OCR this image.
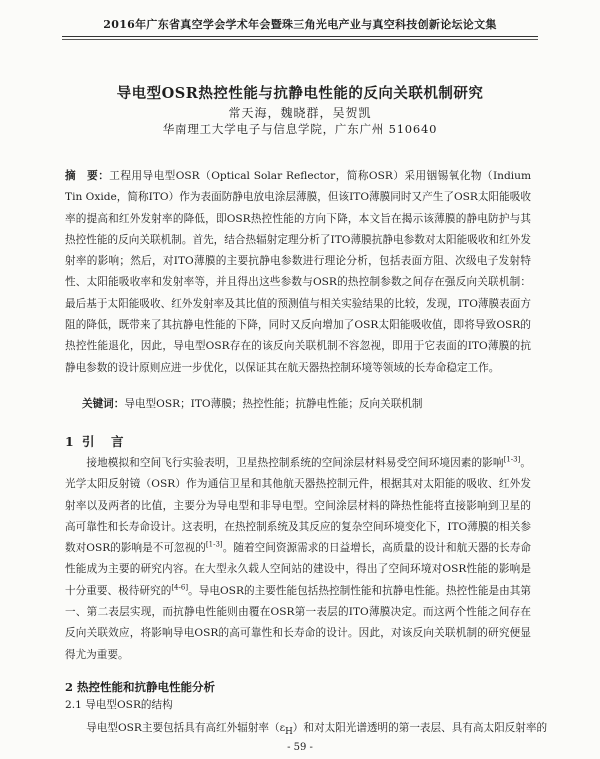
2016年广东省真空学会学术年会暨珠三角光电产业与真空科技创新论坛论文集
导电型OSR热控性能与抗静电性能的反向关联机制研究
常天海，魏晓群，吴贺凯
华南理工大学电子与信息学院，广东广州 510640
摘　要：工程用导电型OSR（Optical Solar Reflector，简称OSR）采用铟锡氧化物（Indium Tin Oxide，简称ITO）作为表面防静电放电涂层薄膜，但该ITO薄膜同时又产生了OSR太阳能吸收率的提高和红外发射率的降低，即OSR热控性能的方向下降，本文旨在揭示该薄膜的静电防护与其热控性能的反向关联机制。首先，结合热辐射定理分析了ITO薄膜抗静电参数对太阳能吸收和红外发射率的影响；然后，对ITO薄膜的主要抗静电参数进行理论分析，包括表面方阻、次级电子发射特性、太阳能吸收率和发射率等，并且得出这些参数与OSR的热控制参数之间存在强反向关联机制：最后基于太阳能吸收、红外发射率及其比值的预测值与相关实验结果的比较，发现，ITO薄膜表面方阻的降低，既带来了其抗静电性能的下降，同时又反向增加了OSR太阳能吸收值，即将导致OSR的热控性能退化，因此，导电型OSR存在的该反向关联机制不容忽视，即用于它表面的ITO薄膜的抗静电参数的设计原则应进一步优化，以保证其在航天器热控制环境等领域的长寿命稳定工作。
关键词：导电型OSR；ITO薄膜；热控性能；抗静电性能；反向关联机制
1 引　言
　　接地模拟和空间飞行实验表明，卫星热控制系统的空间涂层材料易受空间环境因素的影响[1-3]。光学太阳反射镜（OSR）作为通信卫星和其他航天器热控制元件，根据其对太阳能的吸收、红外发射率以及两者的比值，主要分为导电型和非导电型。空间涂层材料的降热性能将直接影响到卫星的高可靠性和长寿命设计。这表明，在热控制系统及其反应的复杂空间环境变化下，ITO薄膜的相关参数对OSR的影响是不可忽视的[1-3]。随着空间资源需求的日益增长，高质量的设计和航天器的长寿命性能成为主要的研究内容。在大型永久载人空间站的建设中，得出了空间环境对OSR性能的影响是十分重要、极待研究的[4-6]。导电OSR的主要性能包括热控制性能和抗静电性能。热控性能是由其第一、第二表层实现，而抗静电性能则由覆在OSR第一表层的ITO薄膜决定。而这两个性能之间存在反向关联效应，将影响导电OSR的高可靠性和长寿命的设计。因此，对该反向关联机制的研究便显得尤为重要。
2 热控性能和抗静电性能分析
2.1 导电型OSR的结构
　　导电型OSR主要包括具有高红外辐射率$(\varepsilon_H)$和对太阳光谱透明的第一表层、具有高太阳反射率的
- 59 -
